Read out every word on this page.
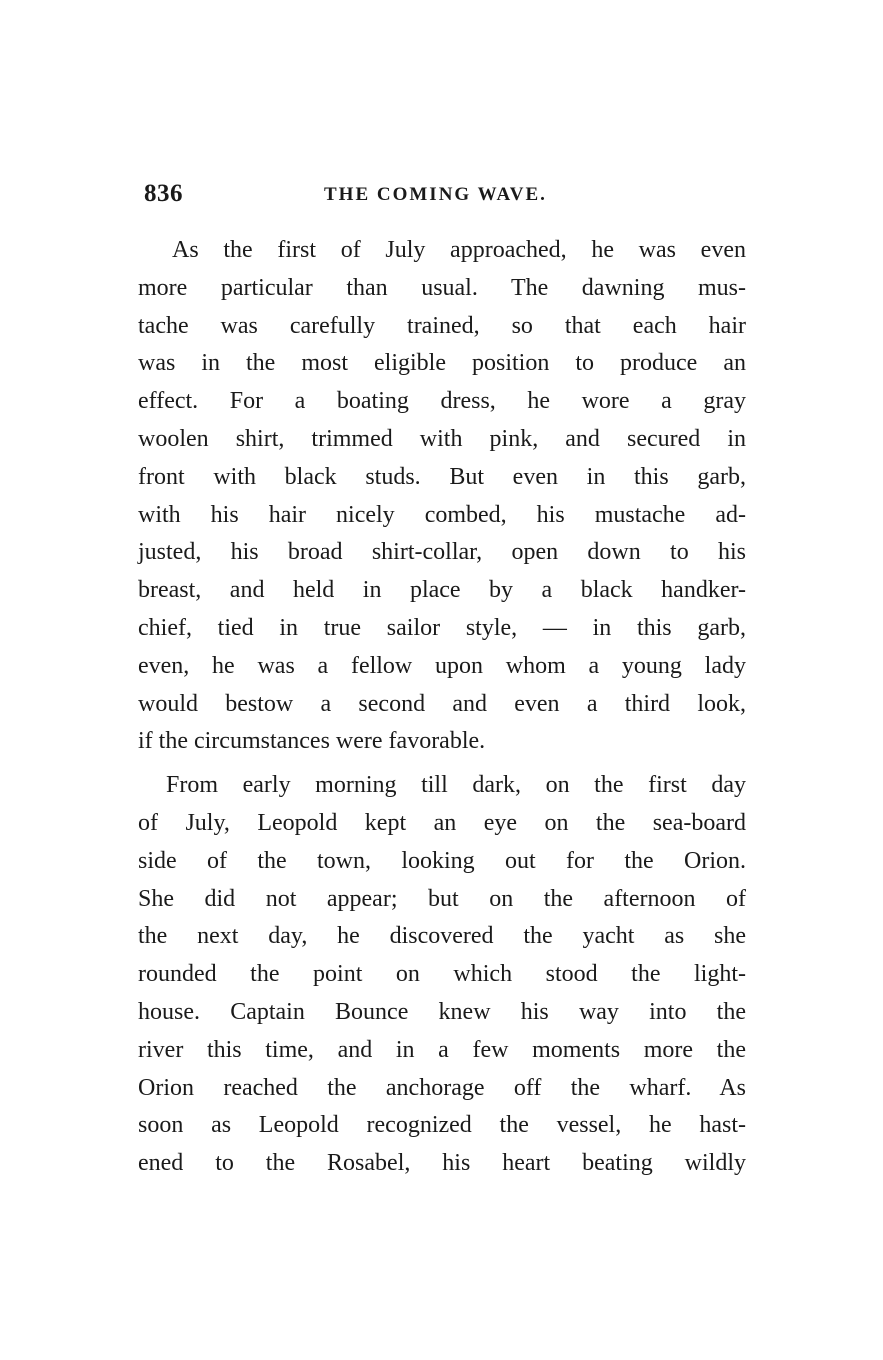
836	THE COMING WAVE.
As the first of July approached, he was even
more particular than usual. The dawning mus-
tache was carefully trained, so that each hair
was in the most eligible position to produce an
effect. For a boating dress, he wore a gray
woolen shirt, trimmed with pink, and secured in
front with black studs. But even in this garb,
with his hair nicely combed, his mustache ad-
justed, his broad shirt-collar, open down to his
breast, and held in place by a black handker-
chief, tied in true sailor style, — in this garb,
even, he was a fellow upon whom a young lady
would bestow a second and even a third look,
if the circumstances were favorable.
From early morning till dark, on the first day
of July, Leopold kept an eye on the sea-board
side of the town, looking out for the Orion.
She did not appear; but on the afternoon of
the next day, he discovered the yacht as she
rounded the point on which stood the light-
house. Captain Bounce knew his way into the
river this time, and in a few moments more the
Orion reached the anchorage off the wharf. As
soon as Leopold recognized the vessel, he hast-
ened to the Rosabel, his heart beating wildly
